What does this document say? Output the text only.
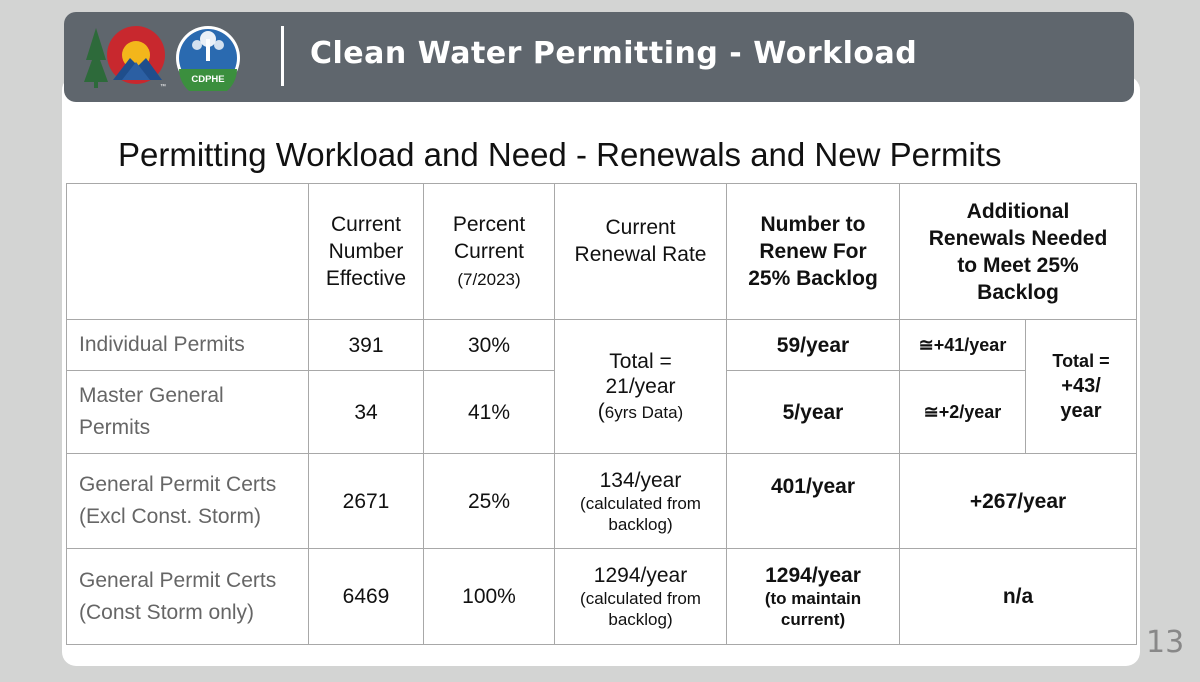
™
CDPHE
Clean Water Permitting - Workload
Permitting Workload and Need - Renewals and New Permits
	Current
Number
Effective	Percent
Current
(7/2023)	Current
Renewal Rate	Number to
Renew For
25% Backlog	Additional
Renewals Needed
to Meet 25%
Backlog	
Individual Permits	391	30%	Total =
21/year
(6yrs Data)	59/year	≅+41/year	Total =
+43/
year
Master General
Permits	34	41%		5/year	≅+2/year	
General Permit Certs
(Excl Const. Storm)	2671	25%	134/year
(calculated from
backlog)	401/year	+267/year	
General Permit Certs
(Const Storm only)	6469	100%	1294/year
(calculated from
backlog)	1294/year
(to maintain
current)	n/a	
13
